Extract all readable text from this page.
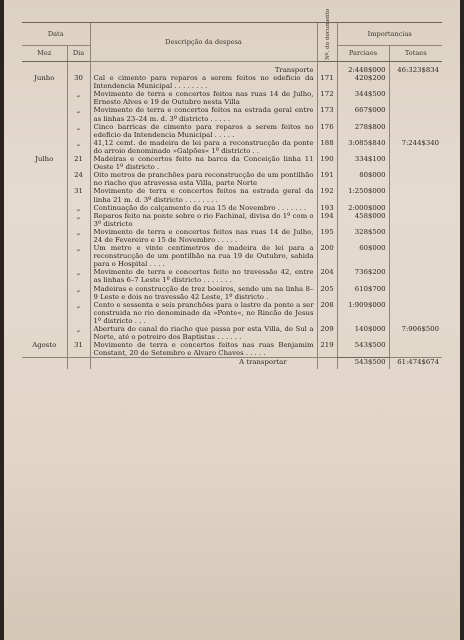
Data		Descripção da despesa	Nº. do documento	Importancias	
Mez	Dia			Parciaes	Totaes
		Transporte		2:448$000	46:323$834
Junho	30	Cal e cimento para reparos a serem feitos no edeficio da Intendencia Municipal . . . . . . . .	171	420$200	
	„	Movimento de terra e concertos feitos nas ruas 14 de Julho, Ernesto Alves e 19 de Outubro nesta Villa	172	344$500	
	„	Movimento de terra e concertos feitos na estrada geral entre as linhas 23–24 m. d. 3º districto . . . . .	173	667$000	
	„	Cinco barricas de cimento para reparos a serem feitos no edeficio da Intendencia Municipal . . . . .	176	278$800	
	„	41,12 cemt. de madeira de lei para a reconstrucção da ponte do arroio denominado »Galpões« 1º districto . .	188	3:085$840	7:244$340
Julho	21	Madeiras e concertos feito na barca da Conceição linha 11 Oeste 1º districto .	190	334$100	
	24	Oito metros de pranchões para reconstrucção de um pontilhão no riacho que atravessa esta Villa, parte Norte	191	80$000	
	31	Movimento de terra e concertos feitos na estrada geral da linha 21 m. d. 3º districto . . . . . . . .	192	1:250$000	
	„	Continuação do calçamento da rua 15 de Novembro . . . . . . .	193	2:000$000	
	„	Reparos feito na ponte sobre o rio Fachinal, divisa do 1º com o 3º districto	194	458$000	
	„	Movimento de terra e concertos feitos nas ruas 14 de Julho, 24 de Fevereiro e 15 de Novembro . . . . .	195	328$500	
	„	Um metro e vinte centimetros de madeira de lei para a reconstrucção de um pontilhão na rua 19 de Outubro, sahida para o Hospital . . . .	200	60$000	
	„	Movimento de terra e concertos feito no travessão 42, entre as linhas 6–7 Leste 1º districto . . . . . . .	204	736$200	
	„	Madeiras e construcção de trez boeiros, sendo um na linha 8–9 Leste e dois no travessão 42 Leste, 1º districto .	205	610$700	
	„	Cento e sessenta e seis pranchões para o lastro da ponte a ser construida no rio denominado da »Ponte«, no Rincão de Jesus 1º districto . . .	208	1:909$000	
	„	Abertura do canal do riacho que passa por esta Villa, de Sul a Norte, até o potreiro dos Baptistas . . . . . .	209	140$000	7:906$500
Agosto	31	Movimento de terra e concertos feitos nas ruas Benjamim Constant, 20 de Setembro e Alvaro Chaves . . . . .	219	543$500	
		A transportar		543$500	61:474$674
